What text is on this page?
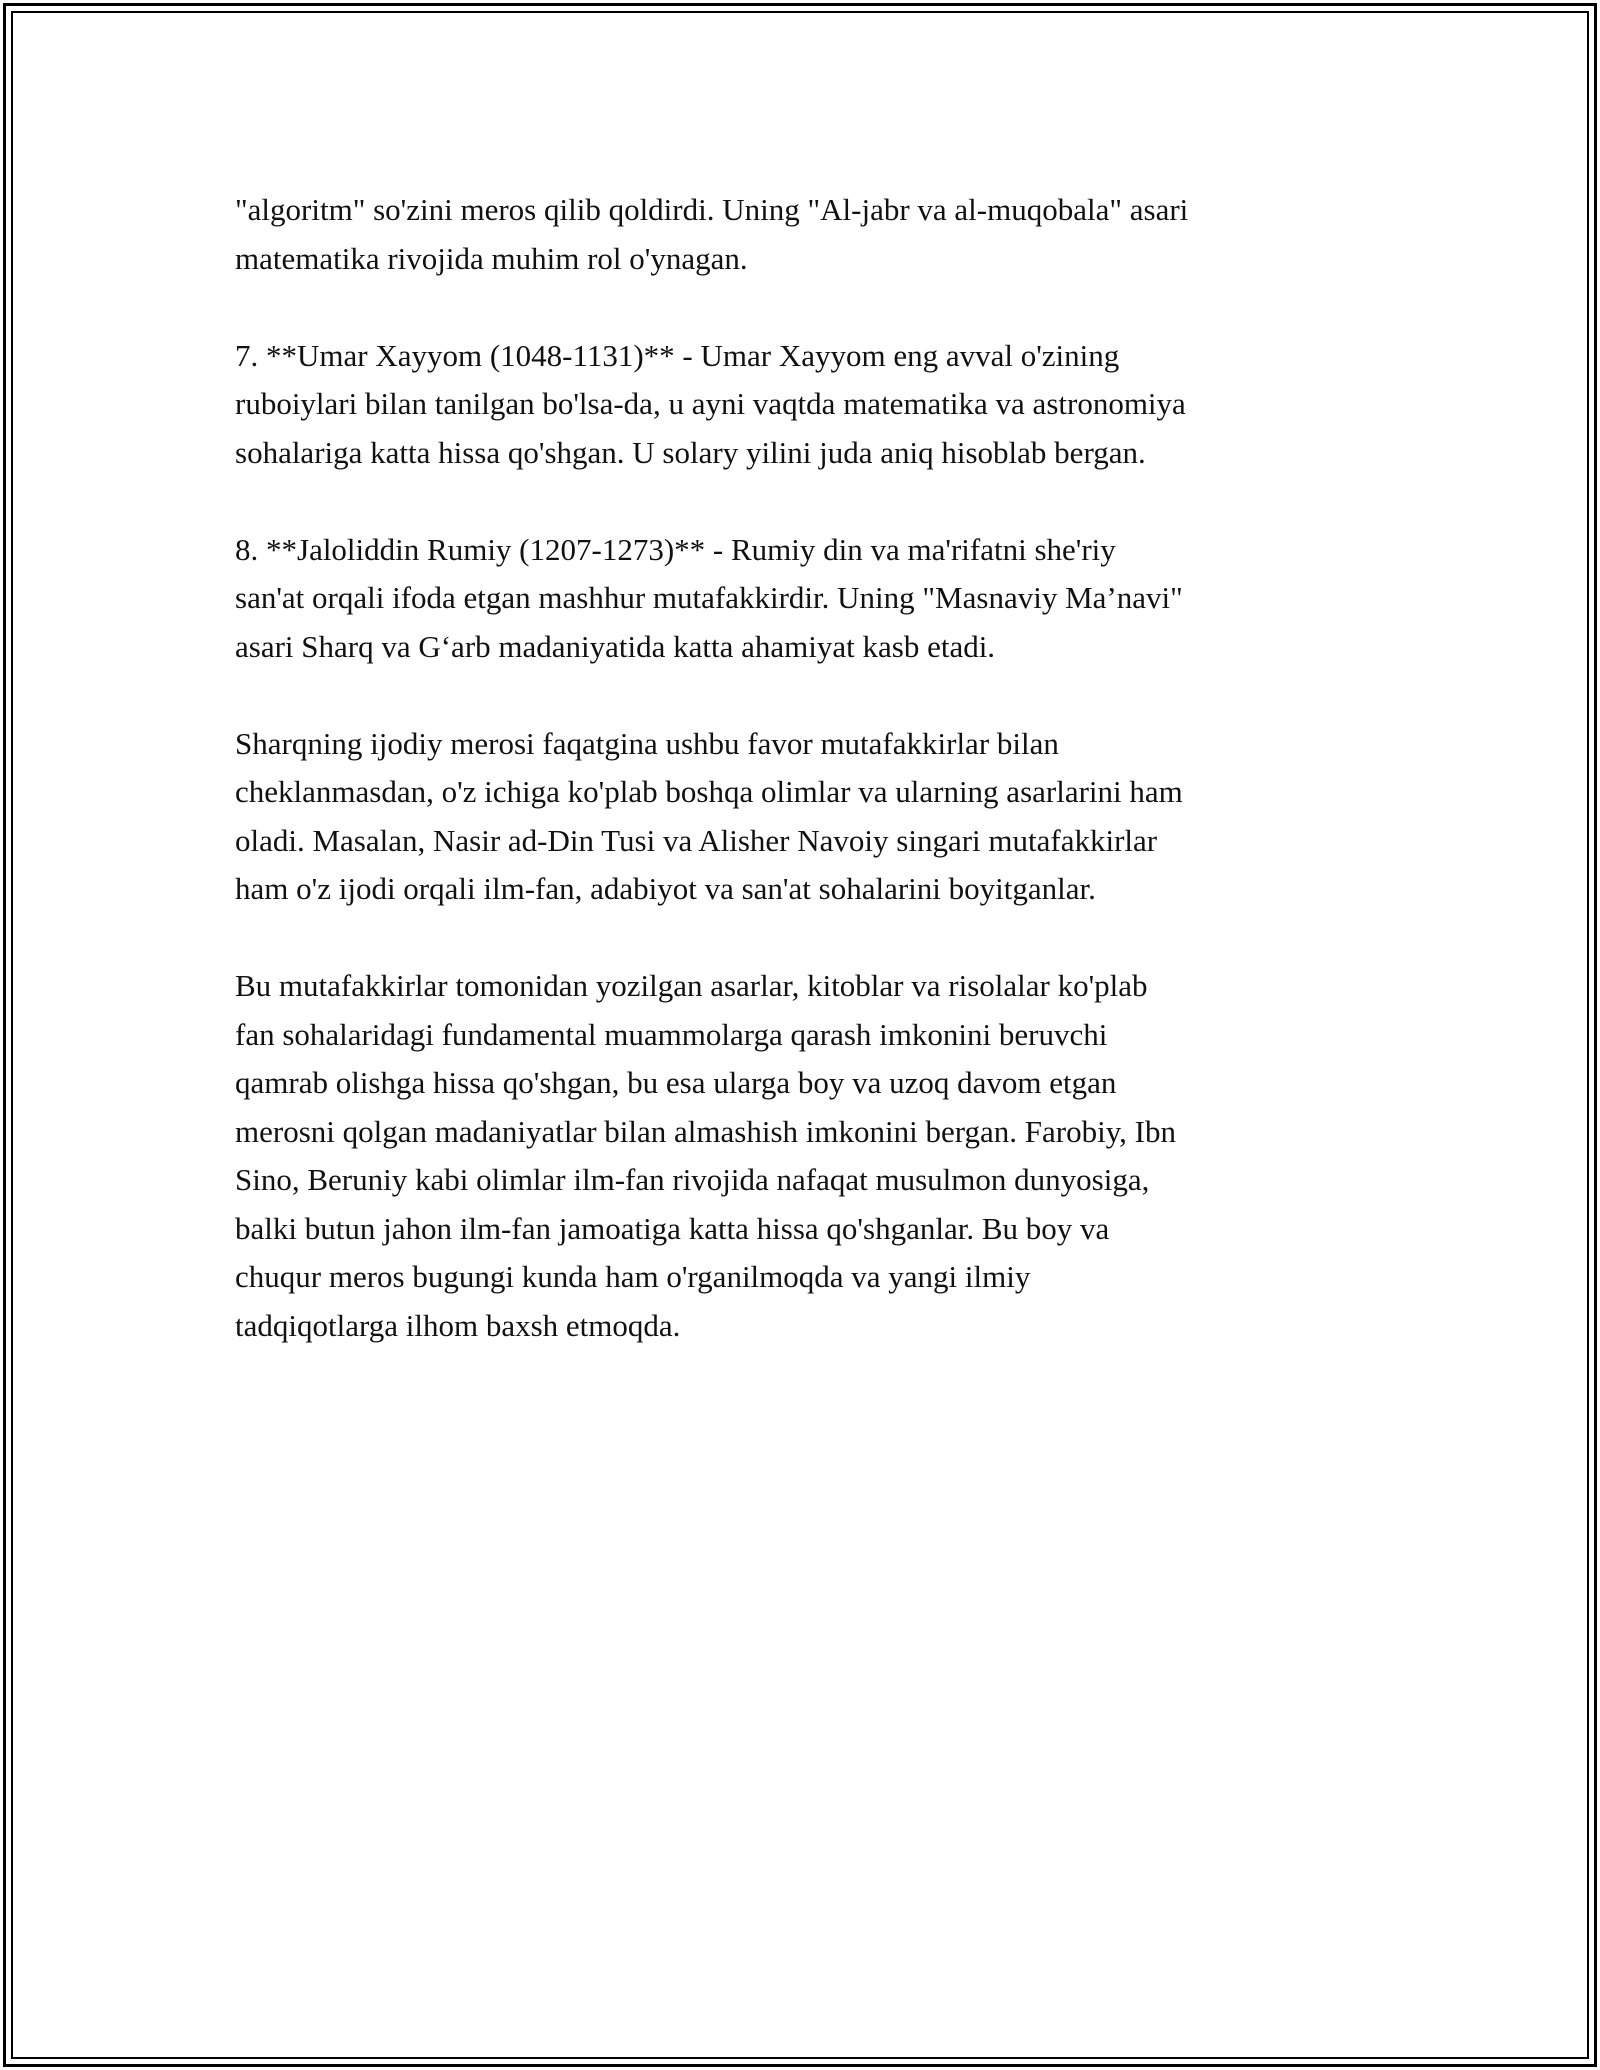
"algoritm" so'zini meros qilib qoldirdi. Uning "Al-jabr va al-muqobala" asari
matematika rivojida muhim rol o'ynagan.

7. **Umar Xayyom (1048-1131)** - Umar Xayyom eng avval o'zining
ruboiylari bilan tanilgan bo'lsa-da, u ayni vaqtda matematika va astronomiya
sohalariga katta hissa qo'shgan. U solary yilini juda aniq hisoblab bergan.

8. **Jaloliddin Rumiy (1207-1273)** - Rumiy din va ma'rifatni she'riy
san'at orqali ifoda etgan mashhur mutafakkirdir. Uning "Masnaviy Ma’navi"
asari Sharq va G‘arb madaniyatida katta ahamiyat kasb etadi.

Sharqning ijodiy merosi faqatgina ushbu favor mutafakkirlar bilan
cheklanmasdan, o'z ichiga ko'plab boshqa olimlar va ularning asarlarini ham
oladi. Masalan, Nasir ad-Din Tusi va Alisher Navoiy singari mutafakkirlar
ham o'z ijodi orqali ilm-fan, adabiyot va san'at sohalarini boyitganlar.

Bu mutafakkirlar tomonidan yozilgan asarlar, kitoblar va risolalar ko'plab
fan sohalaridagi fundamental muammolarga qarash imkonini beruvchi
qamrab olishga hissa qo'shgan, bu esa ularga boy va uzoq davom etgan
merosni qolgan madaniyatlar bilan almashish imkonini bergan. Farobiy, Ibn
Sino, Beruniy kabi olimlar ilm-fan rivojida nafaqat musulmon dunyosiga,
balki butun jahon ilm-fan jamoatiga katta hissa qo'shganlar. Bu boy va
chuqur meros bugungi kunda ham o'rganilmoqda va yangi ilmiy
tadqiqotlarga ilhom baxsh etmoqda.
